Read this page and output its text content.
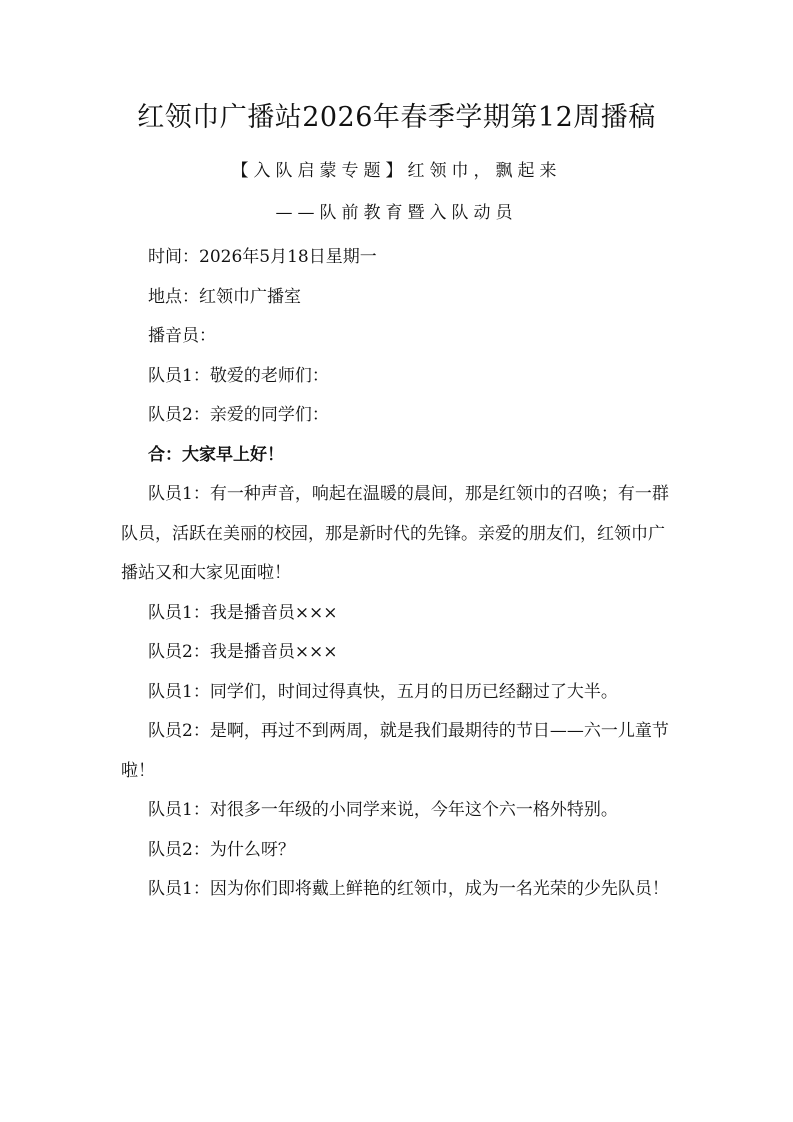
红领巾广播站2026年春季学期第12周播稿
【入队启蒙专题】红领巾，飘起来
——队前教育暨入队动员

时间：2026年5月18日星期一

地点：红领巾广播室

播音员：

队员1：敬爱的老师们：

队员2：亲爱的同学们：

合：大家早上好！

队员1：有一种声音，响起在温暖的晨间，那是红领巾的召唤；有一群队员，活跃在美丽的校园，那是新时代的先锋。亲爱的朋友们，红领巾广播站又和大家见面啦！

队员1：我是播音员×××

队员2：我是播音员×××

队员1：同学们，时间过得真快，五月的日历已经翻过了大半。

队员2：是啊，再过不到两周，就是我们最期待的节日——六一儿童节啦！

队员1：对很多一年级的小同学来说，今年这个六一格外特别。

队员2：为什么呀？

队员1：因为你们即将戴上鲜艳的红领巾，成为一名光荣的少先队员！
